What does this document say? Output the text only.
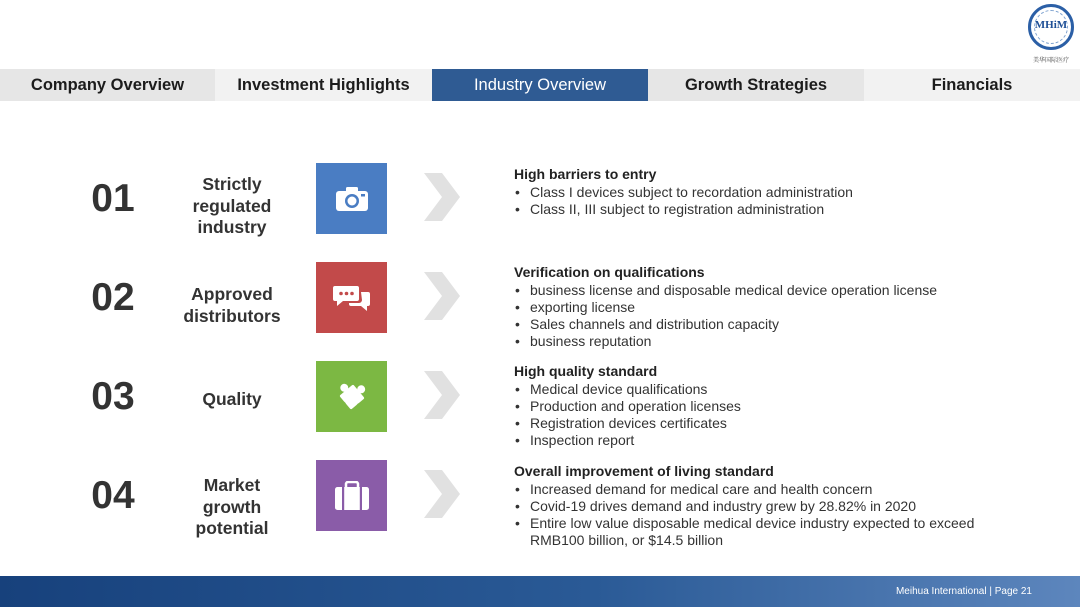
MHiM
美华国际医疗
Company Overview	Investment Highlights	Industry Overview	Growth Strategies	Financials
01	Strictly
regulated
industry
High barriers to entry
• Class I devices subject to recordation administration
• Class II, III subject to registration administration
02	Approved
distributors
Verification on qualifications
• business license and disposable medical device operation license
• exporting license
• Sales channels and distribution capacity
• business reputation
03	Quality
High quality standard
• Medical device qualifications
• Production and operation licenses
• Registration devices certificates
• Inspection report
04	Market
growth
potential
Overall improvement of living standard
• Increased demand for medical care and health concern
• Covid-19 drives demand and industry grew by 28.82% in 2020
• Entire low value disposable medical device industry expected to exceed RMB100 billion, or $14.5 billion
Meihua International | Page 21
